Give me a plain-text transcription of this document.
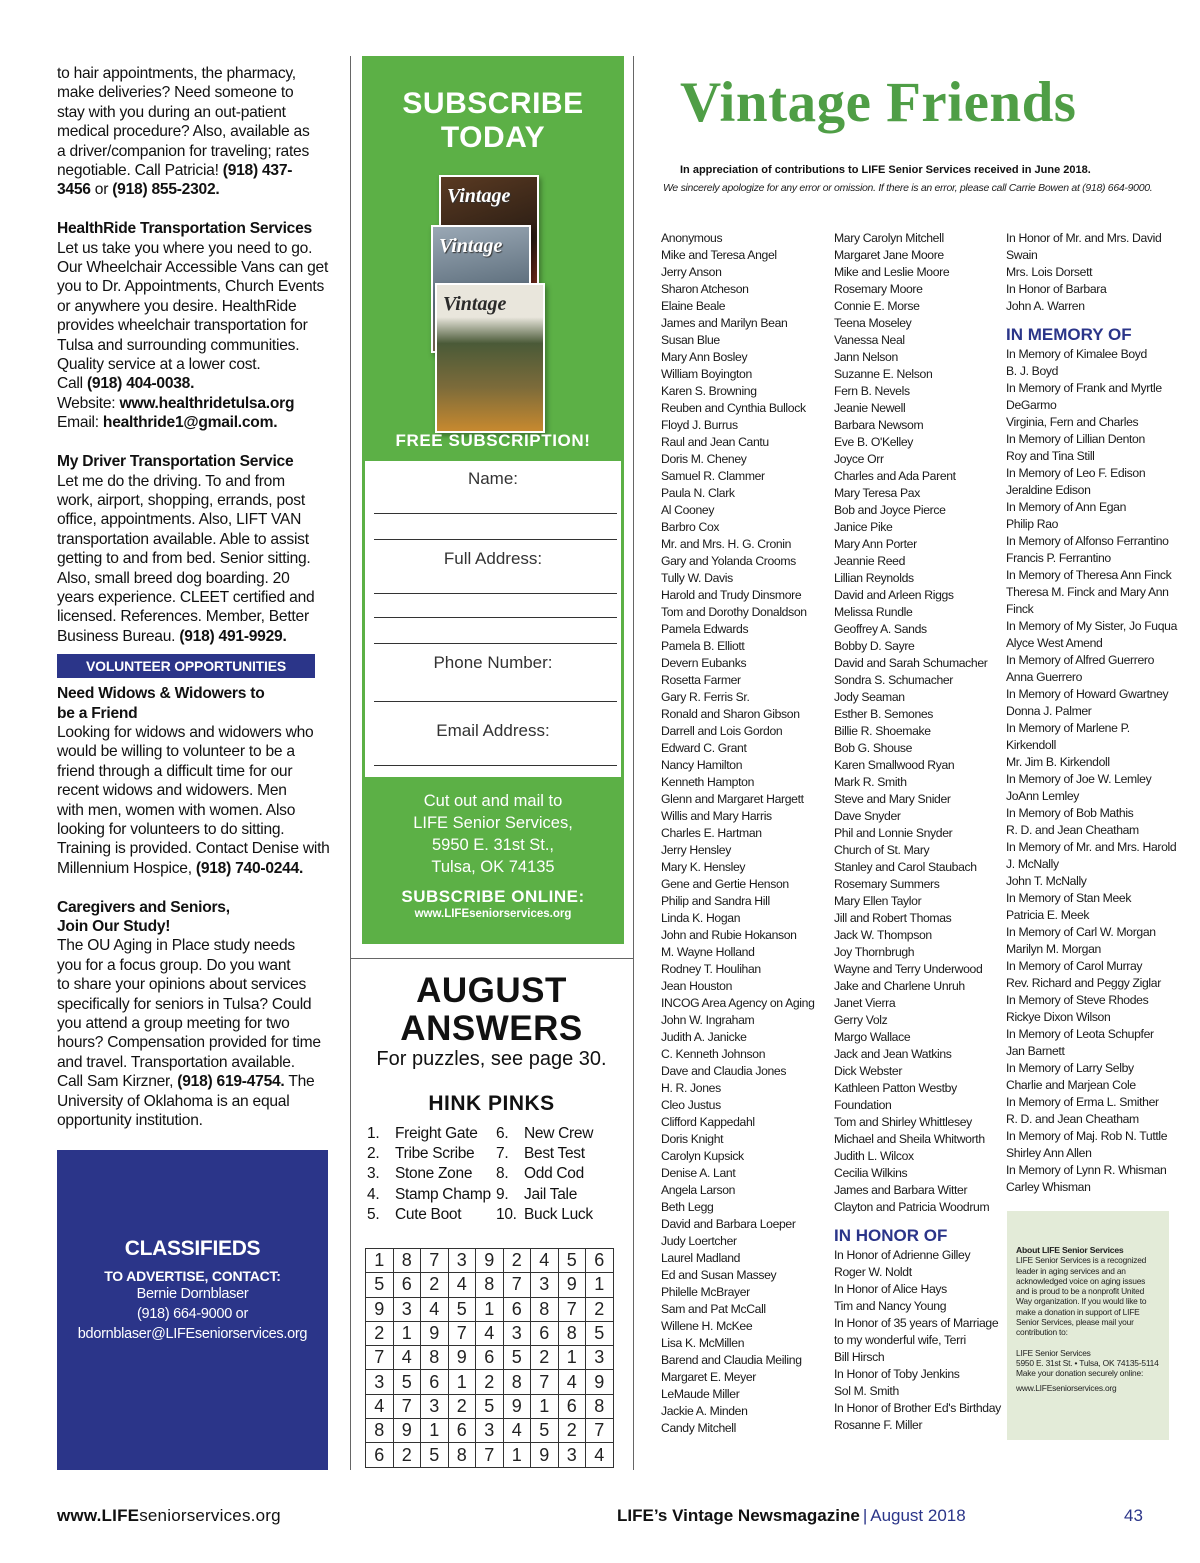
to hair appointments, the pharmacy,
make deliveries? Need someone to
stay with you during an out-patient
medical procedure? Also, available as
a driver/companion for traveling; rates
negotiable. Call Patricia! (918) 437-
3456 or (918) 855-2302.
HealthRide Transportation Services
Let us take you where you need to go.
Our Wheelchair Accessible Vans can get
you to Dr. Appointments, Church Events
or anywhere you desire. HealthRide
provides wheelchair transportation for
Tulsa and surrounding communities.
Quality service at a lower cost.
Call (918) 404-0038.
Website: www.healthridetulsa.org
Email: healthride1@gmail.com.
My Driver Transportation Service
Let me do the driving. To and from
work, airport, shopping, errands, post
office, appointments. Also, LIFT VAN
transportation available. Able to assist
getting to and from bed. Senior sitting.
Also, small breed dog boarding. 20
years experience. CLEET certified and
licensed. References. Member, Better
Business Bureau. (918) 491-9929.
VOLUNTEER OPPORTUNITIES
Need Widows & Widowers to
be a Friend
Looking for widows and widowers who
would be willing to volunteer to be a
friend through a difficult time for our
recent widows and widowers. Men
with men, women with women. Also
looking for volunteers to do sitting.
Training is provided. Contact Denise with
Millennium Hospice, (918) 740-0244.
Caregivers and Seniors,
Join Our Study!
The OU Aging in Place study needs
you for a focus group. Do you want
to share your opinions about services
specifically for seniors in Tulsa? Could
you attend a group meeting for two
hours? Compensation provided for time
and travel. Transportation available.
Call Sam Kirzner, (918) 619-4754. The
University of Oklahoma is an equal
opportunity institution.
CLASSIFIEDS
TO ADVERTISE, CONTACT:
Bernie Dornblaser
(918) 664-9000 or
bdornblaser@LIFEseniorservices.org
SUBSCRIBE
TODAY
Vintage
Vintage
Vintage
FREE SUBSCRIPTION!
Name:
Full Address:
Phone Number:
Email Address:
Cut out and mail to
LIFE Senior Services,
5950 E. 31st St.,
Tulsa, OK 74135
SUBSCRIBE ONLINE:
www.LIFEseniorservices.org
AUGUST
ANSWERS
For puzzles, see page 30.
HINK PINKS
1. Freight Gate
2. Tribe Scribe
3. Stone Zone
4. Stamp Champ
5. Cute Boot
6. New Crew
7. Best Test
8. Odd Cod
9. Jail Tale
10. Buck Luck
1	8	7	3	9	2	4	5	6
5	6	2	4	8	7	3	9	1
9	3	4	5	1	6	8	7	2
2	1	9	7	4	3	6	8	5
7	4	8	9	6	5	2	1	3
3	5	6	1	2	8	7	4	9
4	7	3	2	5	9	1	6	8
8	9	1	6	3	4	5	2	7
6	2	5	8	7	1	9	3	4
Vintage Friends
In appreciation of contributions to LIFE Senior Services received in June 2018.
We sincerely apologize for any error or omission. If there is an error, please call Carrie Bowen at (918) 664-9000.
Anonymous
Mike and Teresa Angel
Jerry Anson
Sharon Atcheson
Elaine Beale
James and Marilyn Bean
Susan Blue
Mary Ann Bosley
William Boyington
Karen S. Browning
Reuben and Cynthia Bullock
Floyd J. Burrus
Raul and Jean Cantu
Doris M. Cheney
Samuel R. Clammer
Paula N. Clark
Al Cooney
Barbro Cox
Mr. and Mrs. H. G. Cronin
Gary and Yolanda Crooms
Tully W. Davis
Harold and Trudy Dinsmore
Tom and Dorothy Donaldson
Pamela Edwards
Pamela B. Elliott
Devern Eubanks
Rosetta Farmer
Gary R. Ferris Sr.
Ronald and Sharon Gibson
Darrell and Lois Gordon
Edward C. Grant
Nancy Hamilton
Kenneth Hampton
Glenn and Margaret Hargett
Willis and Mary Harris
Charles E. Hartman
Jerry Hensley
Mary K. Hensley
Gene and Gertie Henson
Philip and Sandra Hill
Linda K. Hogan
John and Rubie Hokanson
M. Wayne Holland
Rodney T. Houlihan
Jean Houston
INCOG Area Agency on Aging
John W. Ingraham
Judith A. Janicke
C. Kenneth Johnson
Dave and Claudia Jones
H. R. Jones
Cleo Justus
Clifford Kappedahl
Doris Knight
Carolyn Kupsick
Denise A. Lant
Angela Larson
Beth Legg
David and Barbara Loeper
Judy Loertcher
Laurel Madland
Ed and Susan Massey
Philelle McBrayer
Sam and Pat McCall
Willene H. McKee
Lisa K. McMillen
Barend and Claudia Meiling
Margaret E. Meyer
LeMaude Miller
Jackie A. Minden
Candy Mitchell
Mary Carolyn Mitchell
Margaret Jane Moore
Mike and Leslie Moore
Rosemary Moore
Connie E. Morse
Teena Moseley
Vanessa Neal
Jann Nelson
Suzanne E. Nelson
Fern B. Nevels
Jeanie Newell
Barbara Newsom
Eve B. O'Kelley
Joyce Orr
Charles and Ada Parent
Mary Teresa Pax
Bob and Joyce Pierce
Janice Pike
Mary Ann Porter
Jeannie Reed
Lillian Reynolds
David and Arleen Riggs
Melissa Rundle
Geoffrey A. Sands
Bobby D. Sayre
David and Sarah Schumacher
Sondra S. Schumacher
Jody Seaman
Esther B. Semones
Billie R. Shoemake
Bob G. Shouse
Karen Smallwood Ryan
Mark R. Smith
Steve and Mary Snider
Dave Snyder
Phil and Lonnie Snyder
Church of St. Mary
Stanley and Carol Staubach
Rosemary Summers
Mary Ellen Taylor
Jill and Robert Thomas
Jack W. Thompson
Joy Thornbrugh
Wayne and Terry Underwood
Jake and Charlene Unruh
Janet Vierra
Gerry Volz
Margo Wallace
Jack and Jean Watkins
Dick Webster
Kathleen Patton Westby
Foundation
Tom and Shirley Whittlesey
Michael and Sheila Whitworth
Judith L. Wilcox
Cecilia Wilkins
James and Barbara Witter
Clayton and Patricia Woodrum
IN HONOR OF
In Honor of Adrienne Gilley
Roger W. Noldt
In Honor of Alice Hays
Tim and Nancy Young
In Honor of 35 years of Marriage
to my wonderful wife, Terri
Bill Hirsch
In Honor of Toby Jenkins
Sol M. Smith
In Honor of Brother Ed's Birthday
Rosanne F. Miller
In Honor of Mr. and Mrs. David
Swain
Mrs. Lois Dorsett
In Honor of Barbara
John A. Warren
IN MEMORY OF
In Memory of Kimalee Boyd
B. J. Boyd
In Memory of Frank and Myrtle
DeGarmo
Virginia, Fern and Charles
In Memory of Lillian Denton
Roy and Tina Still
In Memory of Leo F. Edison
Jeraldine Edison
In Memory of Ann Egan
Philip Rao
In Memory of Alfonso Ferrantino
Francis P. Ferrantino
In Memory of Theresa Ann Finck
Theresa M. Finck and Mary Ann
Finck
In Memory of My Sister, Jo Fuqua
Alyce West Amend
In Memory of Alfred Guerrero
Anna Guerrero
In Memory of Howard Gwartney
Donna J. Palmer
In Memory of Marlene P.
Kirkendoll
Mr. Jim B. Kirkendoll
In Memory of Joe W. Lemley
JoAnn Lemley
In Memory of Bob Mathis
R. D. and Jean Cheatham
In Memory of Mr. and Mrs. Harold
J. McNally
John T. McNally
In Memory of Stan Meek
Patricia E. Meek
In Memory of Carl W. Morgan
Marilyn M. Morgan
In Memory of Carol Murray
Rev. Richard and Peggy Ziglar
In Memory of Steve Rhodes
Rickye Dixon Wilson
In Memory of Leota Schupfer
Jan Barnett
In Memory of Larry Selby
Charlie and Marjean Cole
In Memory of Erma L. Smither
R. D. and Jean Cheatham
In Memory of Maj. Rob N. Tuttle
Shirley Ann Allen
In Memory of Lynn R. Whisman
Carley Whisman
About LIFE Senior Services
LIFE Senior Services is a recognized
leader in aging services and an
acknowledged voice on aging issues
and is proud to be a nonprofit United
Way organization. If you would like to
make a donation in support of LIFE
Senior Services, please mail your
contribution to:
LIFE Senior Services
5950 E. 31st St. • Tulsa, OK 74135-5114
Make your donation securely online:
www.LIFEseniorservices.org
www.LIFEseniorservices.org	LIFE’s Vintage Newsmagazine | August 2018	43
